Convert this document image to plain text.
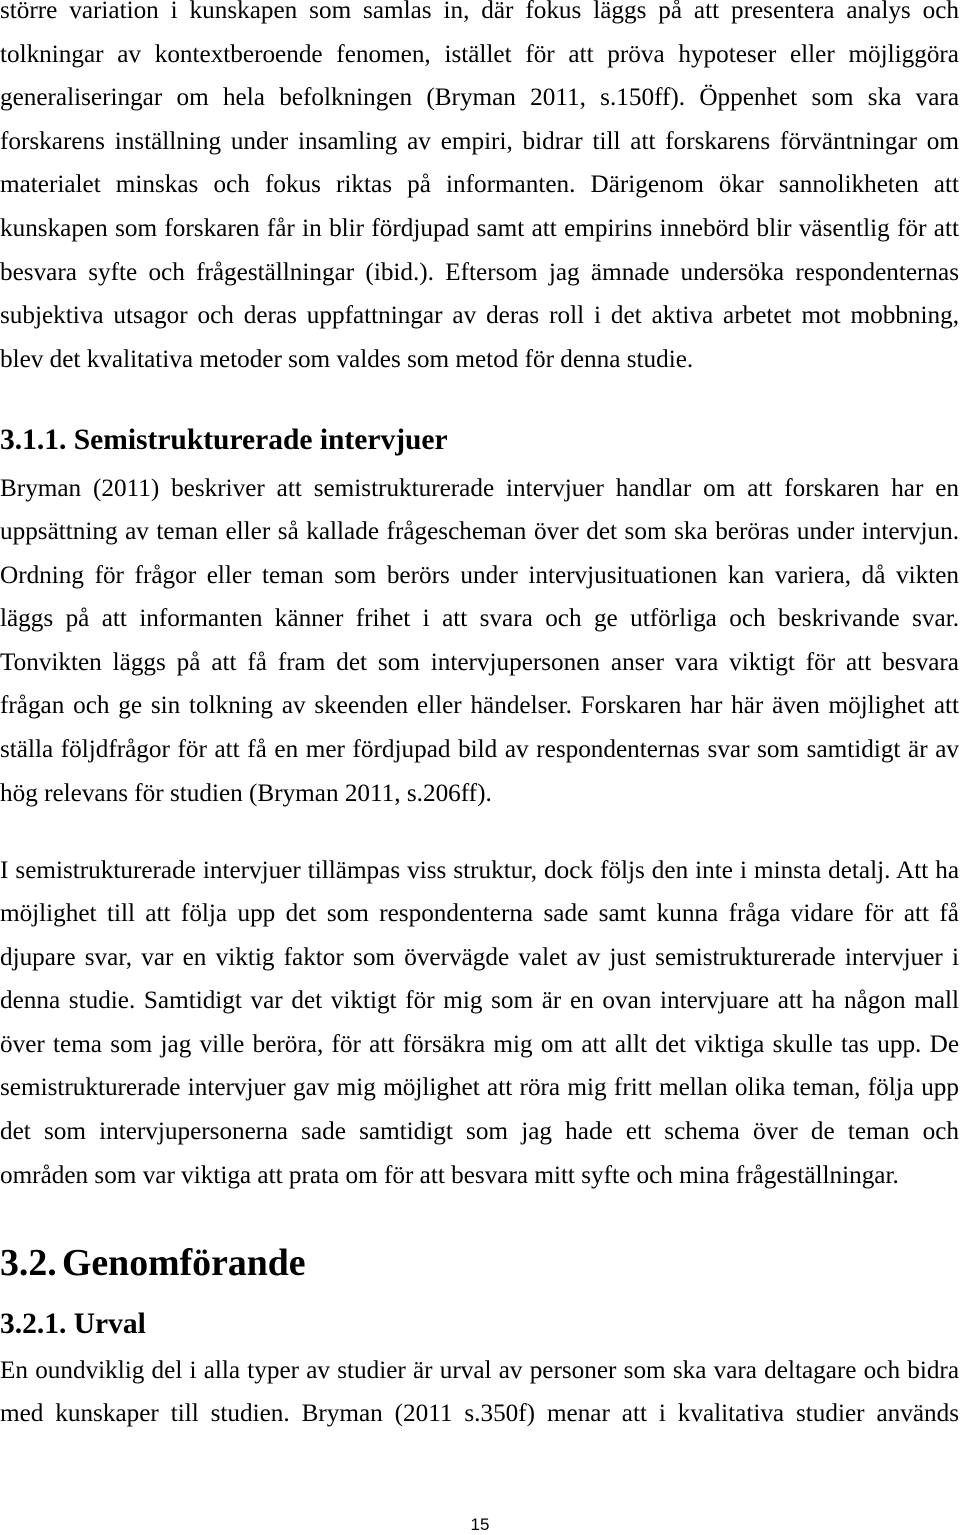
större variation i kunskapen som samlas in, där fokus läggs på att presentera analys och
tolkningar av kontextberoende fenomen, istället för att pröva hypoteser eller möjliggöra
generaliseringar om hela befolkningen (Bryman 2011, s.150ff). Öppenhet som ska vara
forskarens inställning under insamling av empiri, bidrar till att forskarens förväntningar om
materialet minskas och fokus riktas på informanten. Därigenom ökar sannolikheten att
kunskapen som forskaren får in blir fördjupad samt att empirins innebörd blir väsentlig för att
besvara syfte och frågeställningar (ibid.). Eftersom jag ämnade undersöka respondenternas
subjektiva utsagor och deras uppfattningar av deras roll i det aktiva arbetet mot mobbning,
blev det kvalitativa metoder som valdes som metod för denna studie.
3.1.1. Semistrukturerade intervjuer
Bryman (2011) beskriver att semistrukturerade intervjuer handlar om att forskaren har en
uppsättning av teman eller så kallade frågescheman över det som ska beröras under intervjun.
Ordning för frågor eller teman som berörs under intervjusituationen kan variera, då vikten
läggs på att informanten känner frihet i att svara och ge utförliga och beskrivande svar.
Tonvikten läggs på att få fram det som intervjupersonen anser vara viktigt för att besvara
frågan och ge sin tolkning av skeenden eller händelser. Forskaren har här även möjlighet att
ställa följdfrågor för att få en mer fördjupad bild av respondenternas svar som samtidigt är av
hög relevans för studien (Bryman 2011, s.206ff).
I semistrukturerade intervjuer tillämpas viss struktur, dock följs den inte i minsta detalj. Att ha
möjlighet till att följa upp det som respondenterna sade samt kunna fråga vidare för att få
djupare svar, var en viktig faktor som övervägde valet av just semistrukturerade intervjuer i
denna studie. Samtidigt var det viktigt för mig som är en ovan intervjuare att ha någon mall
över tema som jag ville beröra, för att försäkra mig om att allt det viktiga skulle tas upp. De
semistrukturerade intervjuer gav mig möjlighet att röra mig fritt mellan olika teman, följa upp
det som intervjupersonerna sade samtidigt som jag hade ett schema över de teman och
områden som var viktiga att prata om för att besvara mitt syfte och mina frågeställningar.
3.2. Genomförande
3.2.1. Urval
En oundviklig del i alla typer av studier är urval av personer som ska vara deltagare och bidra
med kunskaper till studien. Bryman (2011 s.350f) menar att i kvalitativa studier används
15
